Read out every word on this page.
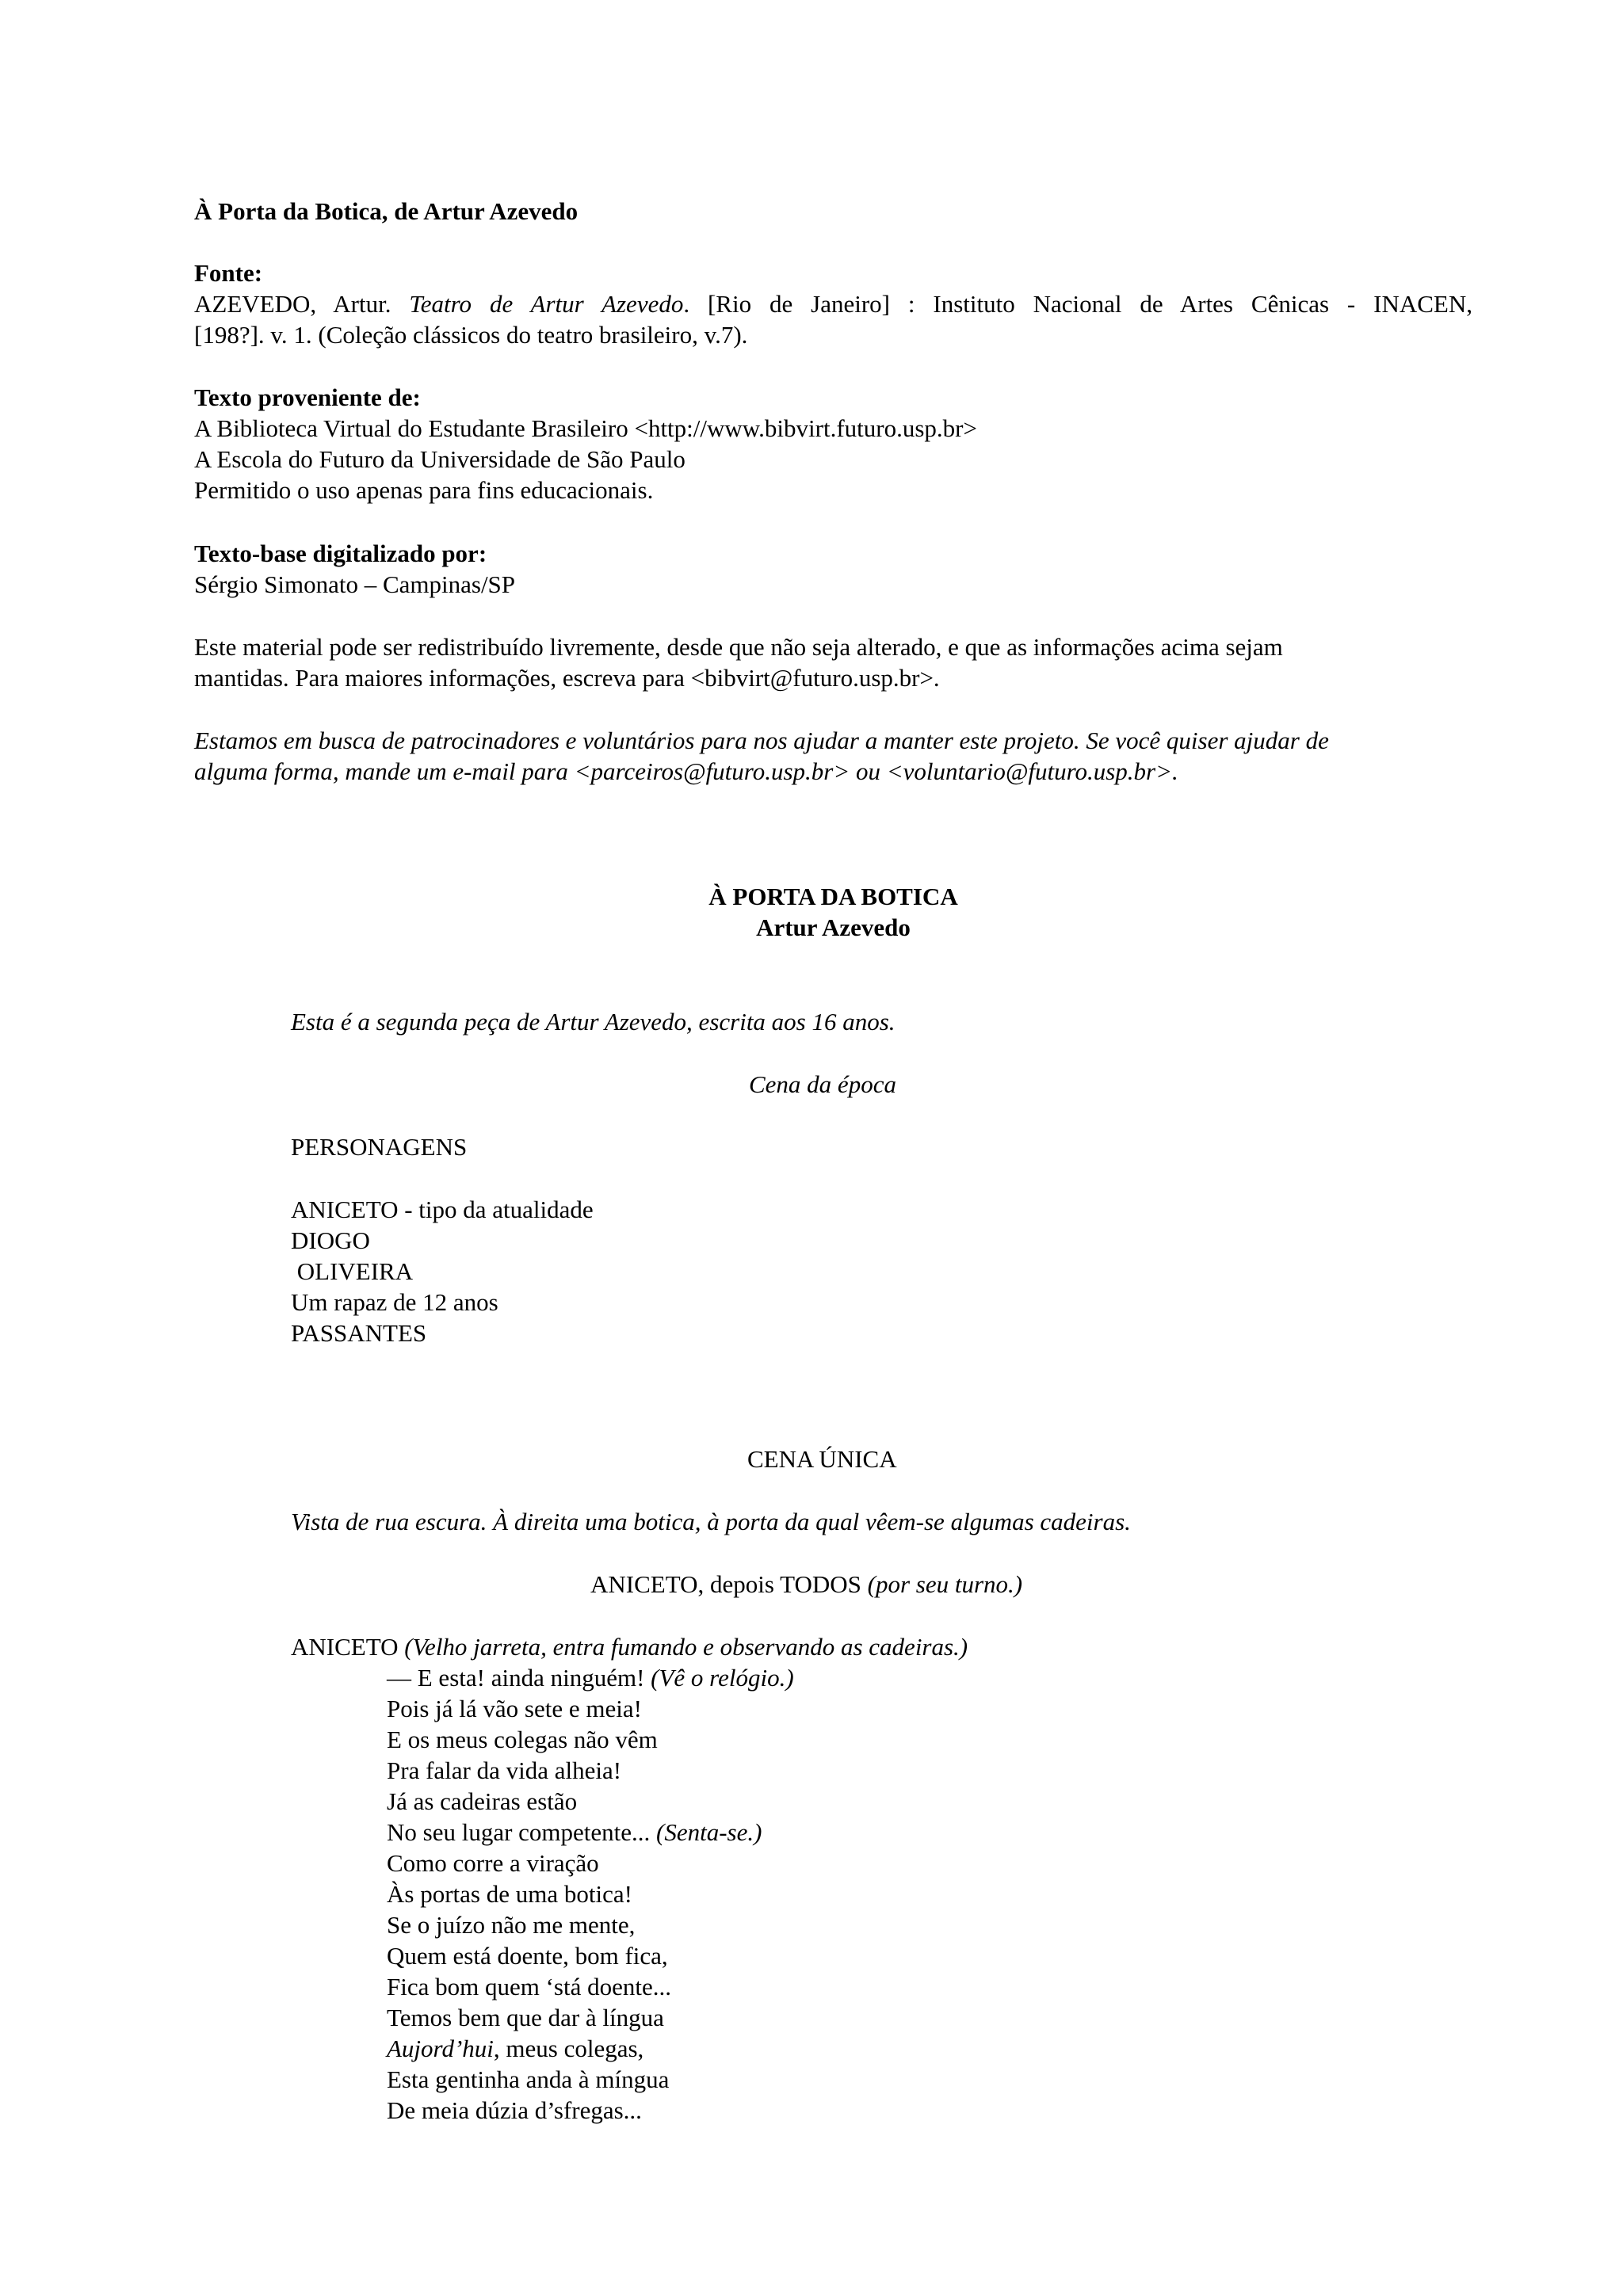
À Porta da Botica, de Artur Azevedo
Fonte:
AZEVEDO, Artur. Teatro de Artur Azevedo. [Rio de Janeiro] : Instituto Nacional de Artes Cênicas - INACEN,
[198?]. v. 1. (Coleção clássicos do teatro brasileiro, v.7).
Texto proveniente de:
A Biblioteca Virtual do Estudante Brasileiro <http://www.bibvirt.futuro.usp.br>
A Escola do Futuro da Universidade de São Paulo
Permitido o uso apenas para fins educacionais.
Texto-base digitalizado por:
Sérgio Simonato – Campinas/SP
Este material pode ser redistribuído livremente, desde que não seja alterado, e que as informações acima sejam
mantidas. Para maiores informações, escreva para <bibvirt@futuro.usp.br>.
Estamos em busca de patrocinadores e voluntários para nos ajudar a manter este projeto. Se você quiser ajudar de
alguma forma, mande um e-mail para <parceiros@futuro.usp.br> ou <voluntario@futuro.usp.br>.
À PORTA DA BOTICA
Artur Azevedo
Esta é a segunda peça de Artur Azevedo, escrita aos 16 anos.
Cena da época
PERSONAGENS
ANICETO - tipo da atualidade
DIOGO
OLIVEIRA
Um rapaz de 12 anos
PASSANTES
CENA ÚNICA
Vista de rua escura. À direita uma botica, à porta da qual vêem-se algumas cadeiras.
ANICETO, depois TODOS (por seu turno.)
ANICETO (Velho jarreta, entra fumando e observando as cadeiras.)
— E esta! ainda ninguém! (Vê o relógio.)
Pois já lá vão sete e meia!
E os meus colegas não vêm
Pra falar da vida alheia!
Já as cadeiras estão
No seu lugar competente... (Senta-se.)
Como corre a viração
Às portas de uma botica!
Se o juízo não me mente,
Quem está doente, bom fica,
Fica bom quem ‘stá doente...
Temos bem que dar à língua
Aujord’hui, meus colegas,
Esta gentinha anda à míngua
De meia dúzia d’sfregas...
